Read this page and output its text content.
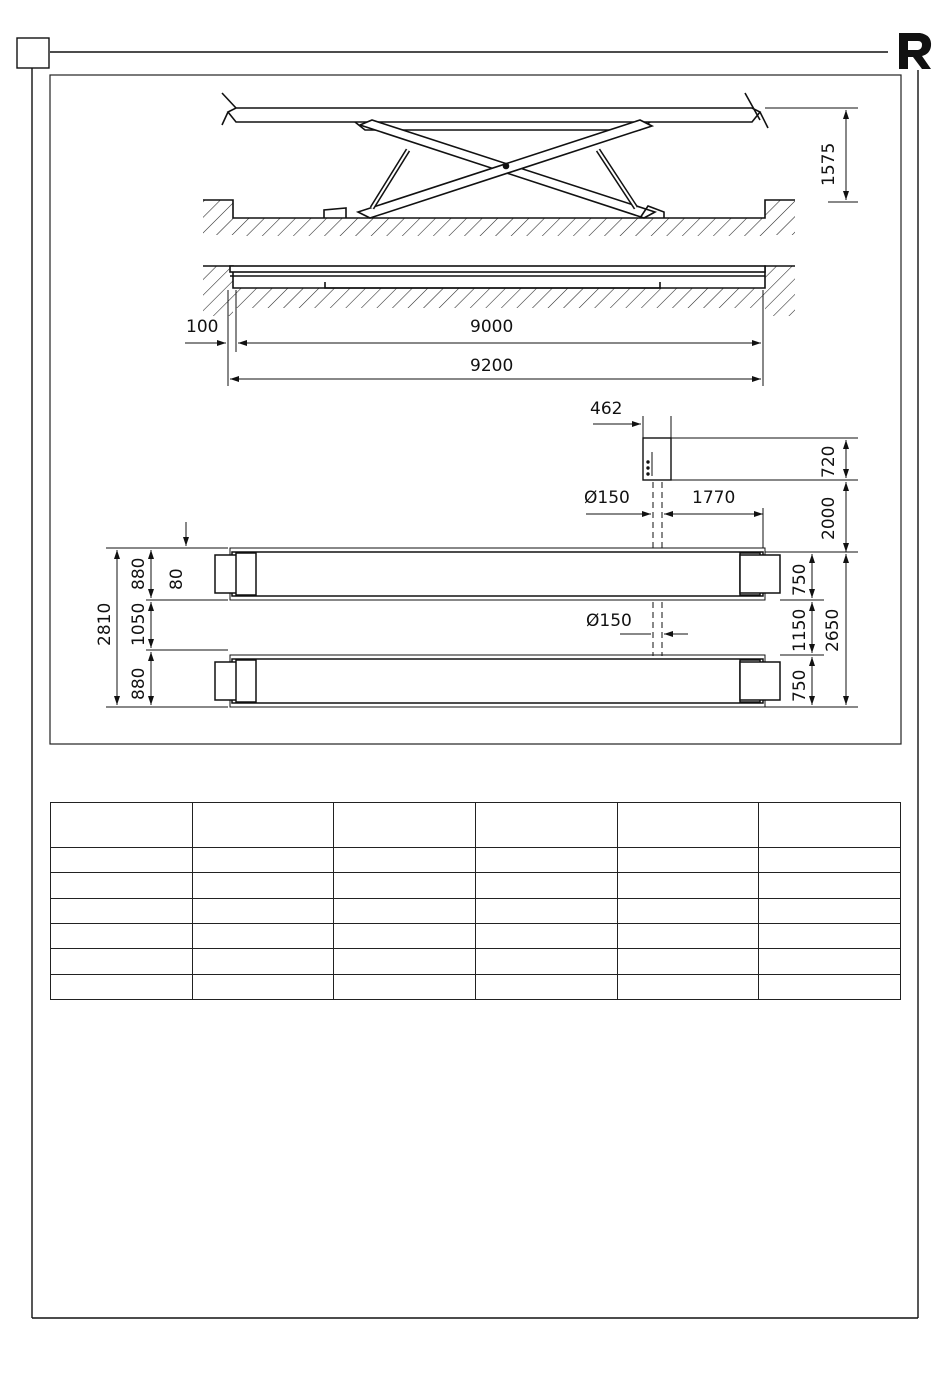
1575
100	9000
9200
462
720
2000
Ø150	1770
Ø150
2810
880
1050
880
80	750
1150
750
2650
